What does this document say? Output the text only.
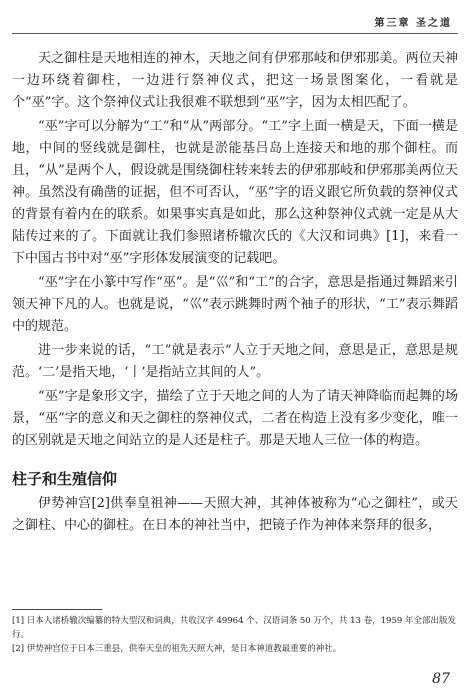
第三章 圣之道

天之御柱是天地相连的神木，天地之间有伊邪那岐和伊邪那美。两位天神一边环绕着御柱，一边进行祭神仪式，把这一场景图案化，一看就是个“巫”字。这个祭神仪式让我很难不联想到“巫”字，因为太相匹配了。

“巫”字可以分解为“工”和“从”两部分。“工”字上面一横是天，下面一横是地，中间的竖线就是御柱，也就是淤能基吕岛上连接天和地的那个御柱。而且，“从”是两个人，假设就是围绕御柱转来转去的伊邪那岐和伊邪那美两位天神。虽然没有确凿的证据，但不可否认，“巫”字的语义跟它所负载的祭神仪式的背景有着内在的联系。如果事实真是如此，那么这种祭神仪式就一定是从大陆传过来的了。下面就让我们参照诸桥辙次氏的《大汉和词典》[1]，来看一下中国古书中对“巫”字形体发展演变的记载吧。

“巫”字在小篆中写作“巫”。是“巛”和“工”的合字，意思是指通过舞蹈来引领天神下凡的人。也就是说，“巛”表示跳舞时两个袖子的形状，“工”表示舞蹈中的规范。

进一步来说的话，“工”就是表示“人立于天地之间，意思是正，意思是规范。‘二’是指天地，‘丨’是指站立其间的人”。

“巫”字是象形文字，描绘了立于天地之间的人为了请天神降临而起舞的场景，“巫”字的意义和天之御柱的祭神仪式，二者在构造上没有多少变化，唯一的区别就是天地之间站立的是人还是柱子。那是天地人三位一体的构造。

柱子和生殖信仰

伊势神宫[2]供奉皇祖神——天照大神，其神体被称为“心之御柱”，或天之御柱、中心的御柱。在日本的神社当中，把镜子作为神体来祭拜的很多，

[1] 日本人诸桥辙次编纂的特大型汉和词典，共收汉字 49964 个、汉语词条 50 万个，共 13 卷，1959 年全部出版发行。

[2] 伊势神宫位于日本三重县，供奉天皇的祖先天照大神，是日本神道教最重要的神社。

87
